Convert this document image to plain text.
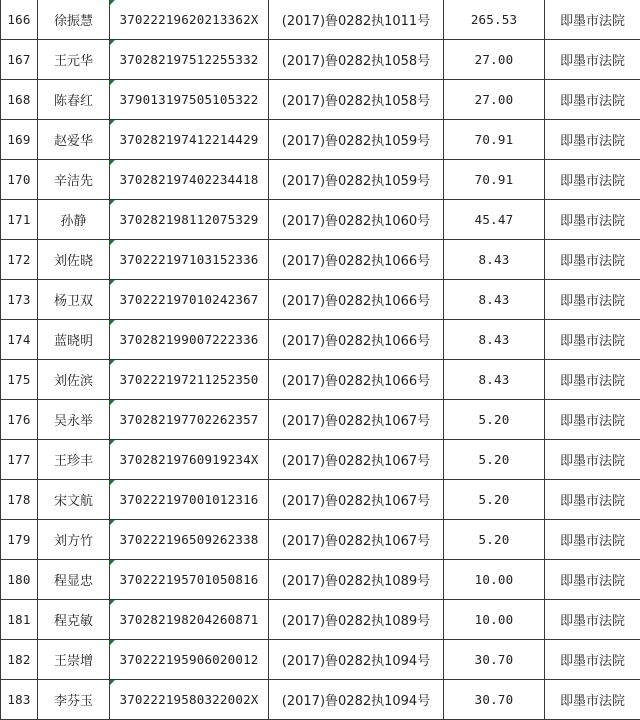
166	徐振慧	37022219620213362X	(2017)鲁0282执1011号	265.53	即墨市法院
167	王元华	370282197512255332	(2017)鲁0282执1058号	27.00	即墨市法院
168	陈春红	379013197505105322	(2017)鲁0282执1058号	27.00	即墨市法院
169	赵爱华	370282197412214429	(2017)鲁0282执1059号	70.91	即墨市法院
170	辛洁先	370282197402234418	(2017)鲁0282执1059号	70.91	即墨市法院
171	孙静	370282198112075329	(2017)鲁0282执1060号	45.47	即墨市法院
172	刘佐晓	370222197103152336	(2017)鲁0282执1066号	8.43	即墨市法院
173	杨卫双	370222197010242367	(2017)鲁0282执1066号	8.43	即墨市法院
174	蓝晓明	370282199007222336	(2017)鲁0282执1066号	8.43	即墨市法院
175	刘佐滨	370222197211252350	(2017)鲁0282执1066号	8.43	即墨市法院
176	吴永举	370282197702262357	(2017)鲁0282执1067号	5.20	即墨市法院
177	王珍丰	37028219760919234X	(2017)鲁0282执1067号	5.20	即墨市法院
178	宋文航	370222197001012316	(2017)鲁0282执1067号	5.20	即墨市法院
179	刘方竹	370222196509262338	(2017)鲁0282执1067号	5.20	即墨市法院
180	程显忠	370222195701050816	(2017)鲁0282执1089号	10.00	即墨市法院
181	程克敏	370282198204260871	(2017)鲁0282执1089号	10.00	即墨市法院
182	王崇增	370222195906020012	(2017)鲁0282执1094号	30.70	即墨市法院
183	李芬玉	37022219580322002X	(2017)鲁0282执1094号	30.70	即墨市法院
